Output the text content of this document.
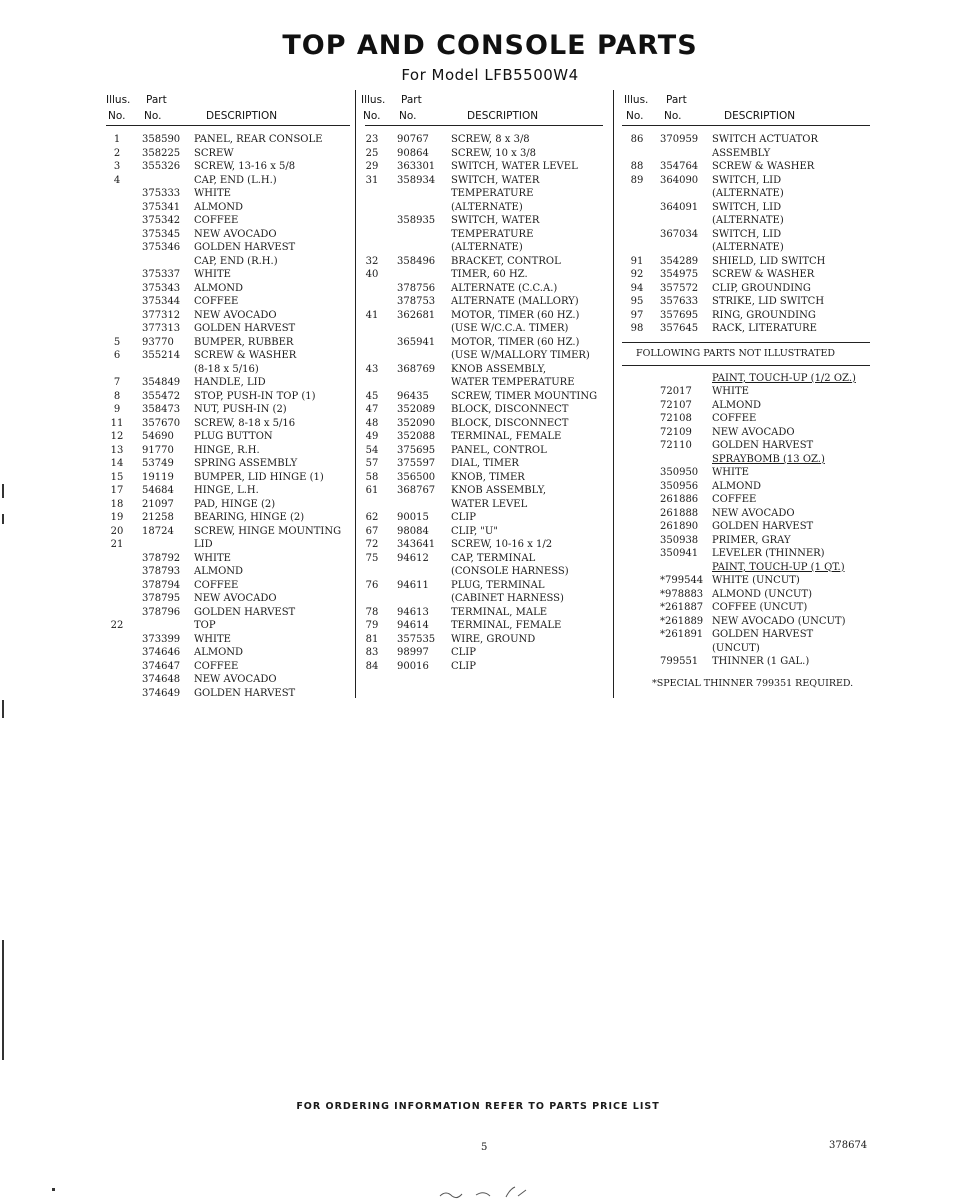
TOP AND CONSOLE PARTS
For Model LFB5500W4
Illus.
No.
Part
No.	DESCRIPTION
1	358590	PANEL, REAR CONSOLE
2	358225	SCREW
3	355326	SCREW, 13-16 x 5/8
4	CAP, END (L.H.)
375333	WHITE
375341	ALMOND
375342	COFFEE
375345	NEW AVOCADO
375346	GOLDEN HARVEST
CAP, END (R.H.)
375337	WHITE
375343	ALMOND
375344	COFFEE
377312	NEW AVOCADO
377313	GOLDEN HARVEST
5	93770	BUMPER, RUBBER
6	355214	SCREW & WASHER
(8-18 x 5/16)
7	354849	HANDLE, LID
8	355472	STOP, PUSH-IN TOP (1)
9	358473	NUT, PUSH-IN (2)
11	357670	SCREW, 8-18 x 5/16
12	54690	PLUG BUTTON
13	91770	HINGE, R.H.
14	53749	SPRING ASSEMBLY
15	19119	BUMPER, LID HINGE (1)
17	54684	HINGE, L.H.
18	21097	PAD, HINGE (2)
19	21258	BEARING, HINGE (2)
20	18724	SCREW, HINGE MOUNTING
21	LID
378792	WHITE
378793	ALMOND
378794	COFFEE
378795	NEW AVOCADO
378796	GOLDEN HARVEST
22	TOP
373399	WHITE
374646	ALMOND
374647	COFFEE
374648	NEW AVOCADO
374649	GOLDEN HARVEST
Illus.
No.
Part
No.	DESCRIPTION
23	90767	SCREW, 8 x 3/8
25	90864	SCREW, 10 x 3/8
29	363301	SWITCH, WATER LEVEL
31	358934	SWITCH, WATER
TEMPERATURE
(ALTERNATE)
358935	SWITCH, WATER
TEMPERATURE
(ALTERNATE)
32	358496	BRACKET, CONTROL
40	TIMER, 60 HZ.
378756	ALTERNATE (C.C.A.)
378753	ALTERNATE (MALLORY)
41	362681	MOTOR, TIMER (60 HZ.)
(USE W/C.C.A. TIMER)
365941	MOTOR, TIMER (60 HZ.)
(USE W/MALLORY TIMER)
43	368769	KNOB ASSEMBLY,
WATER TEMPERATURE
45	96435	SCREW, TIMER MOUNTING
47	352089	BLOCK, DISCONNECT
48	352090	BLOCK, DISCONNECT
49	352088	TERMINAL, FEMALE
54	375695	PANEL, CONTROL
57	375597	DIAL, TIMER
58	356500	KNOB, TIMER
61	368767	KNOB ASSEMBLY,
WATER LEVEL
62	90015	CLIP
67	98084	CLIP, "U"
72	343641	SCREW, 10-16 x 1/2
75	94612	CAP, TERMINAL
(CONSOLE HARNESS)
76	94611	PLUG, TERMINAL
(CABINET HARNESS)
78	94613	TERMINAL, MALE
79	94614	TERMINAL, FEMALE
81	357535	WIRE, GROUND
83	98997	CLIP
84	90016	CLIP
Illus.
No.
Part
No.	DESCRIPTION
86	370959	SWITCH ACTUATOR
ASSEMBLY
88	354764	SCREW & WASHER
89	364090	SWITCH, LID
(ALTERNATE)
364091	SWITCH, LID
(ALTERNATE)
367034	SWITCH, LID
(ALTERNATE)
91	354289	SHIELD, LID SWITCH
92	354975	SCREW & WASHER
94	357572	CLIP, GROUNDING
95	357633	STRIKE, LID SWITCH
97	357695	RING, GROUNDING
98	357645	RACK, LITERATURE
FOLLOWING PARTS NOT ILLUSTRATED
PAINT, TOUCH-UP (1/2 OZ.)
72017	WHITE
72107	ALMOND
72108	COFFEE
72109	NEW AVOCADO
72110	GOLDEN HARVEST
SPRAYBOMB (13 OZ.)
350950	WHITE
350956	ALMOND
261886	COFFEE
261888	NEW AVOCADO
261890	GOLDEN HARVEST
350938	PRIMER, GRAY
350941	LEVELER (THINNER)
PAINT, TOUCH-UP (1 QT.)
*799544 WHITE (UNCUT)
*978883 ALMOND (UNCUT)
*261887 COFFEE (UNCUT)
*261889 NEW AVOCADO (UNCUT)
*261891 GOLDEN HARVEST
(UNCUT)
799551	THINNER (1 GAL.)
*SPECIAL THINNER 799351 REQUIRED.
FOR ORDERING INFORMATION REFER TO PARTS PRICE LIST
5	378674
